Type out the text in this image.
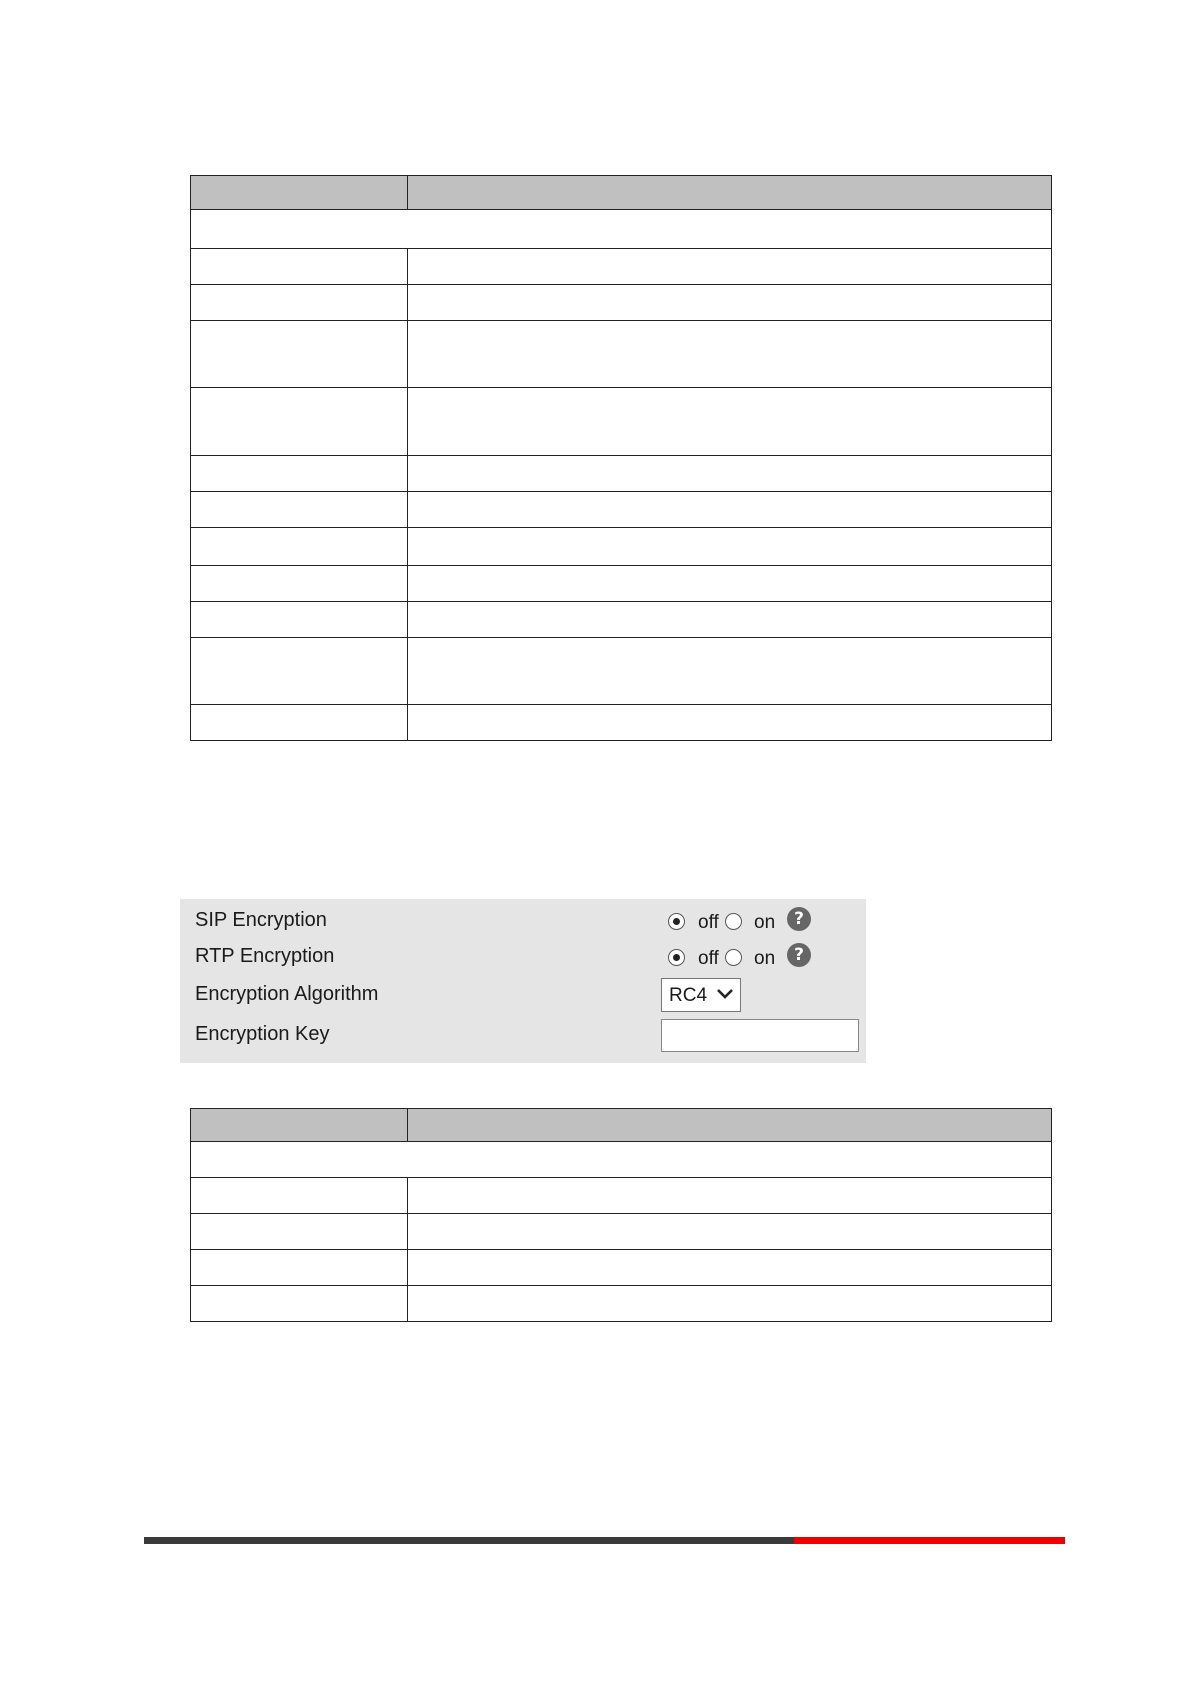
SIP Encryption	off on	?
RTP Encryption	off on	?
Encryption Algorithm	RC4
Encryption Key
